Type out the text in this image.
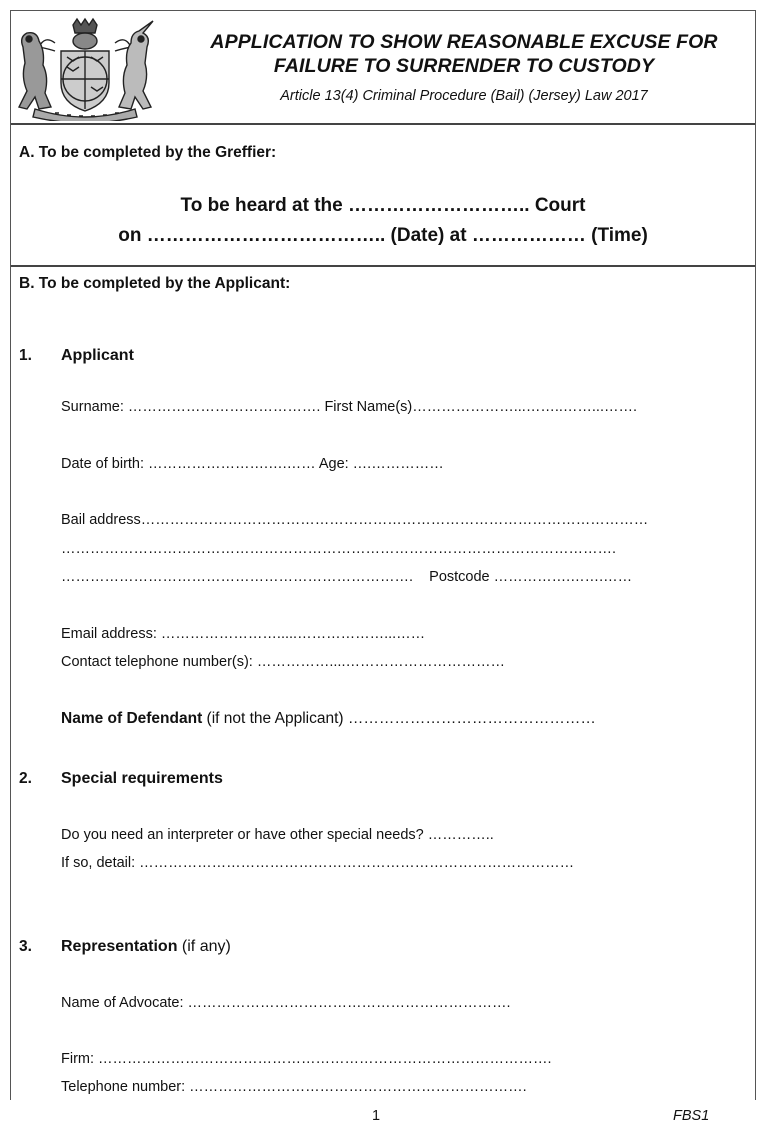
APPLICATION TO SHOW REASONABLE EXCUSE FOR
FAILURE TO SURRENDER TO CUSTODY
Article 13(4) Criminal Procedure (Bail) (Jersey) Law 2017
A. To be completed by the Greffier:
To be heard at the ……………………….. Court
on ……………………………….. (Date) at ……………… (Time)
B. To be completed by the Applicant:
1. Applicant
Surname: …………………………………. First Name(s)…………………...……..……...…….
Date of birth: …………………….….…… Age: ….……………
Bail address……………………………………………………………………………………………
…………………………………………………………………………………………………….
……………………………………………………………….    Postcode …………….…….……
Email address: …………………….....………………...……
Contact telephone number(s): ……………....……………………………
Name of Defendant (if not the Applicant) …………………………………………
2. Special requirements
Do you need an interpreter or have other special needs? …………..
If so, detail: ………………………………………………………………………………
3. Representation (if any)
Name of Advocate: ………………………………………………………….
Firm: ………………………………………………………………………………….
Telephone number: …………………………………………………………….
1	FBS1
